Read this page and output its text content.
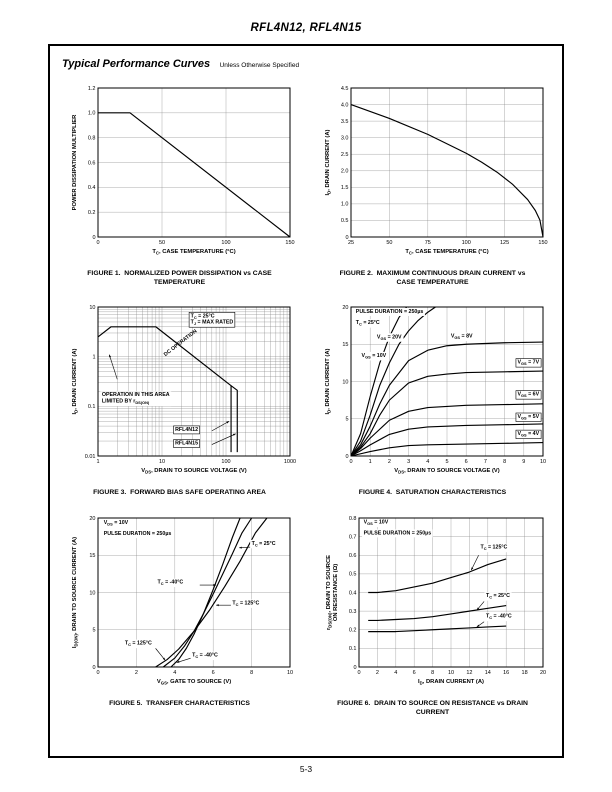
RFL4N12, RFL4N15
Typical Performance Curves Unless Otherwise Specified
0	50	100	150
0
0.2
0.4
0.6
0.8
1.0
1.2
$T_C$, CASE TEMPERATURE (°C)
POWER DISSIPATION MULTIPLIER
FIGURE 1.  NORMALIZED POWER DISSIPATION vs CASE TEMPERATURE
25	50	75	100	125	150
0
0.5
1.0
1.5
2.0
2.5
3.0
3.5
4.0
4.5
$T_C$, CASE TEMPERATURE (°C)
$I_D$, DRAIN CURRENT (A)
FIGURE 2.  MAXIMUM CONTINUOUS DRAIN CURRENT vs CASE TEMPERATURE
1	10	100	1000
0.01
0.1
1
10
$V_{DS}$, DRAIN TO SOURCE VOLTAGE (V)
$I_D$, DRAIN CURRENT (A)
$T_C = 25^\circ C$
$T_J$ = MAX RATED
DC OPERATION
OPERATION IN THIS AREA
LIMITED BY $r_{DS(ON)}$
RFL4N12
RFL4N15
FIGURE 3.  FORWARD BIAS SAFE OPERATING AREA
0	1	2	3	4	5	6	7	8	9	10
0
5
10
15
20
$V_{DS}$, DRAIN TO SOURCE VOLTAGE (V)
$I_D$, DRAIN CURRENT (A)
PULSE DURATION = 250µs
$T_C = 25^\circ C$
$V_{GS} = 20V$
$V_{GS} = 10V$
$V_{GS} = 8V$
$V_{GS} = 7V$
$V_{GS} = 6V$
$V_{GS} = 5V$
$V_{GS} = 4V$
FIGURE 4.  SATURATION CHARACTERISTICS
0	2	4	6	8	10
0
5
10
15
20
$V_{GS}$, GATE TO SOURCE (V)
$I_{D(ON)}$, DRAIN TO SOURCE CURRENT (A)
$V_{DS} = 10V$
PULSE DURATION = 250µs
$T_C = 25^\circ C$
$T_C = -40^\circ C$
$T_C = 125^\circ C$
$T_C = 125^\circ C$
$T_C = -40^\circ C$
FIGURE 5.  TRANSFER CHARACTERISTICS
0	2	4	6	8	10 12 14 16 18 20
0
0.1
0.2
0.3
0.4
0.5
0.6
0.7
0.8
$I_D$, DRAIN CURRENT (A)
$r_{DS(ON)}$, DRAIN TO SOURCE ON RESISTANCE (Ω)
$V_{GS} = 10V$
PULSE DURATION = 250µs
$T_C = 125^\circ C$
$T_C = 25^\circ C$
$T_C = -40^\circ C$
FIGURE 6.  DRAIN TO SOURCE ON RESISTANCE vs DRAIN CURRENT
5-3
